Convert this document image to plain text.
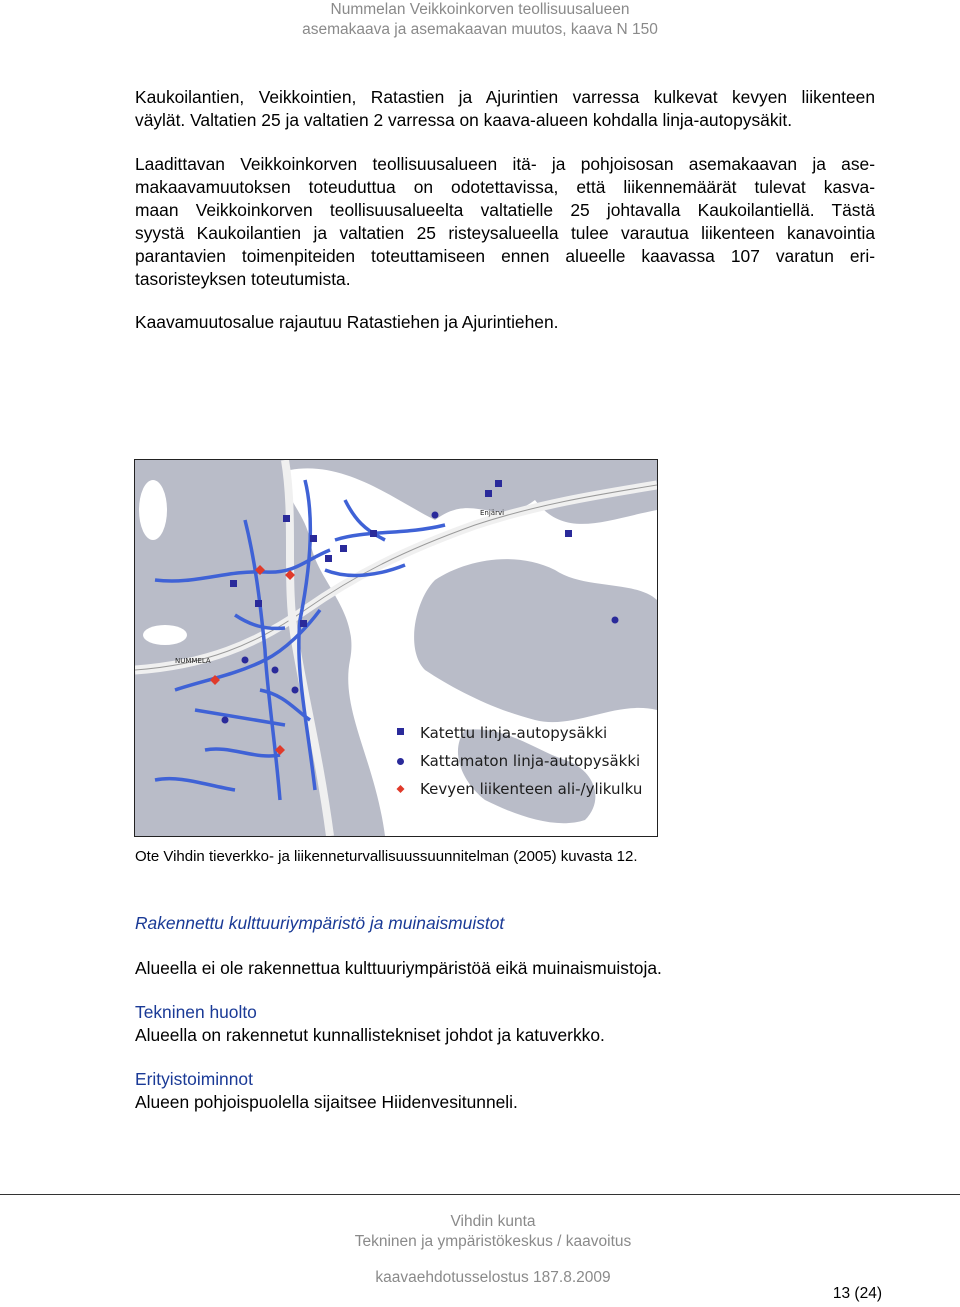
Nummelan Veikkoinkorven teollisuusalueen
asemakaava ja asemakaavan muutos, kaava N 150
Kaukoilantien, Veikkointien, Ratastien ja Ajurintien varressa kulkevat kevyen liikenteen
väylät. Valtatien 25 ja valtatien 2 varressa on kaava-alueen kohdalla linja-autopysäkit.
Laadittavan Veikkoinkorven teollisuusalueen itä- ja pohjoisosan asemakaavan ja ase-
makaavamuutoksen toteuduttua on odotettavissa, että liikennemäärät tulevat kasva-
maan Veikkoinkorven teollisuusalueelta valtatielle 25 johtavalla Kaukoilantiellä. Tästä
syystä Kaukoilantien ja valtatien 25 risteysalueella tulee varautua liikenteen kanavointia
parantavien toimenpiteiden toteuttamiseen ennen alueelle kaavassa 107 varatun eri-
tasoristeyksen toteutumista.
Kaavamuutosalue rajautuu Ratastiehen ja Ajurintiehen.
NUMMELA
Enjärvi
Katettu linja-autopysäkki
Kattamaton linja-autopysäkki
Kevyen liikenteen ali-/ylikulku
Ote Vihdin tieverkko- ja liikenneturvallisuussuunnitelman (2005) kuvasta 12.
Rakennettu kulttuuriympäristö ja muinaismuistot
Alueella ei ole rakennettua kulttuuriympäristöä eikä muinaismuistoja.
Tekninen huolto
Alueella on rakennetut kunnallistekniset johdot ja katuverkko.
Erityistoiminnot
Alueen pohjoispuolella sijaitsee Hiidenvesitunneli.
Vihdin kunta
Tekninen ja ympäristökeskus / kaavoitus
kaavaehdotusselostus 187.8.2009
13 (24)
